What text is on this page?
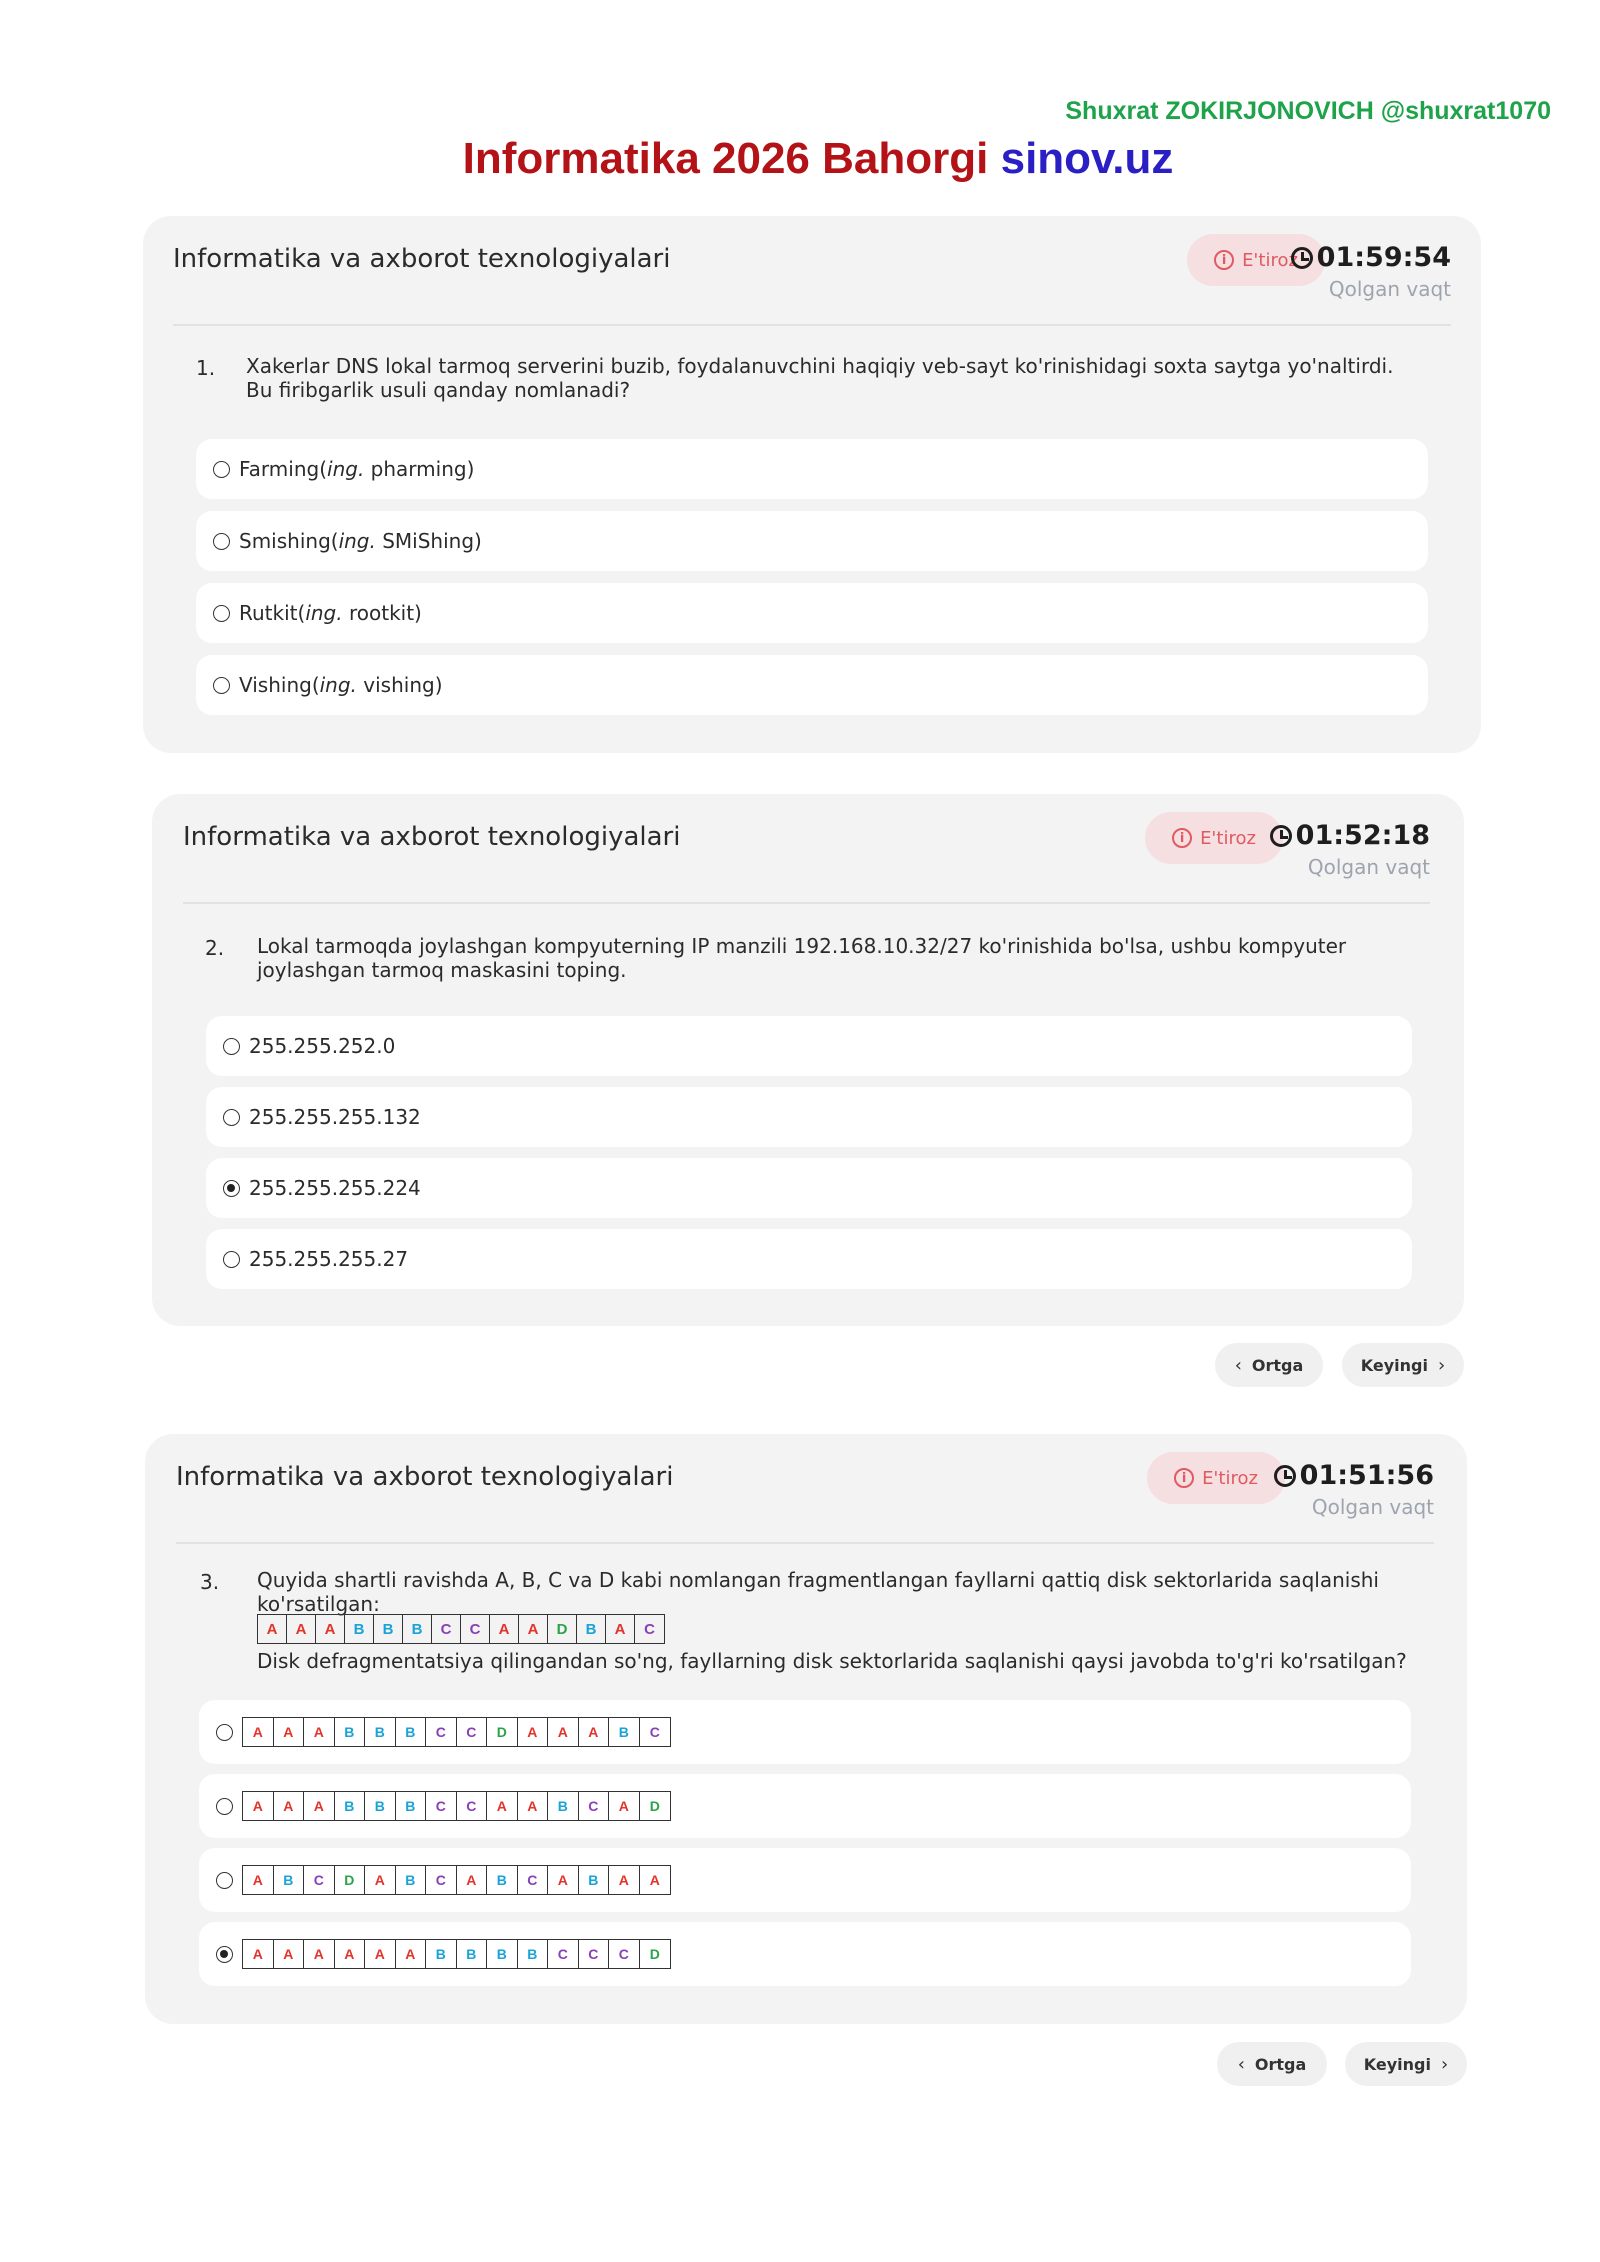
Shuxrat ZOKIRJONOVICH @shuxrat1070
Informatika 2026 Bahorgi sinov.uz
Informatika va axborot texnologiyalari	i E'tiroz 01:59:54
Qolgan vaqt
1. Xakerlar DNS lokal tarmoq serverini buzib, foydalanuvchini haqiqiy veb-sayt ko'rinishidagi soxta saytga yo'naltirdi. Bu firibgarlik usuli qanday nomlanadi?
Farming(ing. pharming)
Smishing(ing. SMiShing)
Rutkit(ing. rootkit)
Vishing(ing. vishing)
Informatika va axborot texnologiyalari	i E'tiroz 01:52:18
Qolgan vaqt
2. Lokal tarmoqda joylashgan kompyuterning IP manzili 192.168.10.32/27 ko'rinishida bo'lsa, ushbu kompyuter joylashgan tarmoq maskasini toping.
255.255.252.0
255.255.255.132
255.255.255.224
255.255.255.27
‹ Ortga	Keyingi ›
Informatika va axborot texnologiyalari	i E'tiroz 01:51:56
Qolgan vaqt
3. Quyida shartli ravishda A, B, C va D kabi nomlangan fragmentlangan fayllarni qattiq disk sektorlarida saqlanishi ko'rsatilgan:
A	A	A	B	B	B	C	C	A	A	D	B	A	C
Disk defragmentatsiya qilingandan so'ng, fayllarning disk sektorlarida saqlanishi qaysi javobda to'g'ri ko'rsatilgan?
A	A	A	B	B	B	C	C	D	A	A	A	B	C
A	A	A	B	B	B	C	C	A	A	B	C	A	D
A	B	C	D	A	B	C	A	B	C	A	B	A	A
A	A	A	A	A	A	B	B	B	B	C	C	C	D
‹ Ortga	Keyingi ›
